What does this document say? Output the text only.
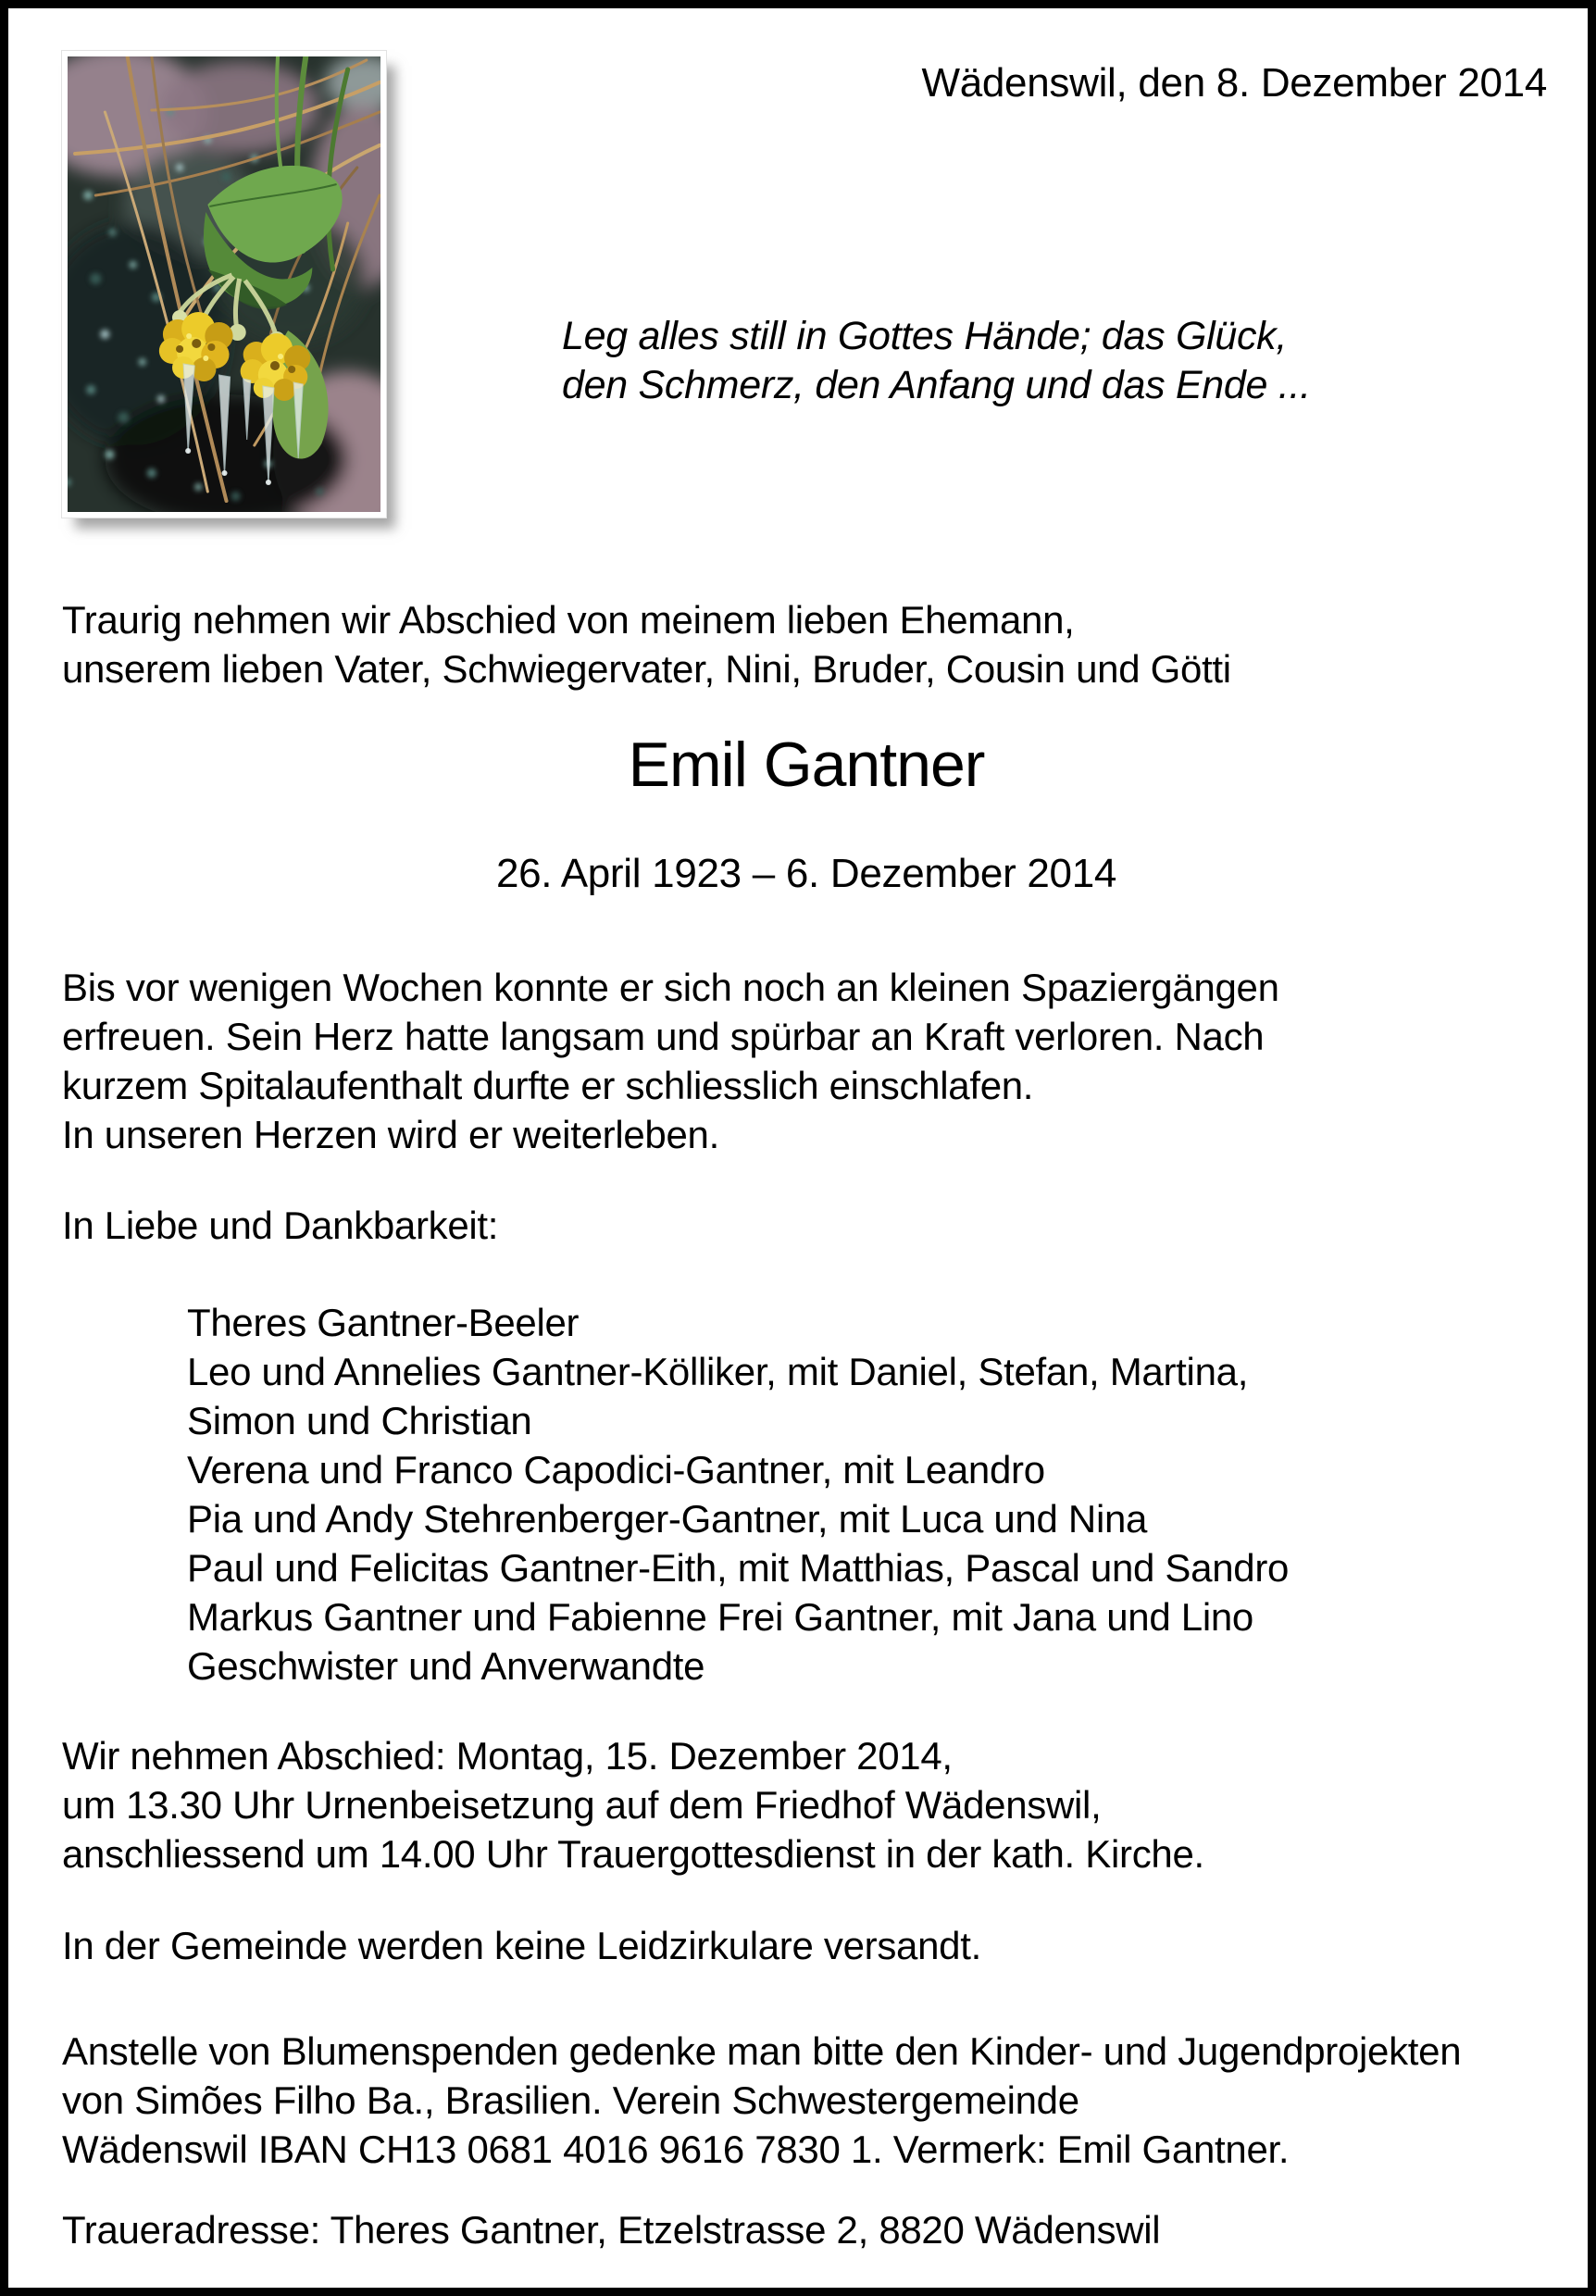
Wädenswil, den 8. Dezember 2014
Leg alles still in Gottes Hände; das Glück,
den Schmerz, den Anfang und das Ende ...
Traurig nehmen wir Abschied von meinem lieben Ehemann,
unserem lieben Vater, Schwiegervater, Nini, Bruder, Cousin und Götti
Emil Gantner
26. April 1923 – 6. Dezember 2014
Bis vor wenigen Wochen konnte er sich noch an kleinen Spaziergängen
erfreuen. Sein Herz hatte langsam und spürbar an Kraft verloren. Nach
kurzem Spitalaufenthalt durfte er schliesslich einschlafen.
In unseren Herzen wird er weiterleben.
In Liebe und Dankbarkeit:
Theres Gantner-Beeler
Leo und Annelies Gantner-Kölliker, mit Daniel, Stefan, Martina,
Simon und Christian
Verena und Franco Capodici-Gantner, mit Leandro
Pia und Andy Stehrenberger-Gantner, mit Luca und Nina
Paul und Felicitas Gantner-Eith, mit Matthias, Pascal und Sandro
Markus Gantner und Fabienne Frei Gantner, mit Jana und Lino
Geschwister und Anverwandte
Wir nehmen Abschied: Montag, 15. Dezember 2014,
um 13.30 Uhr Urnenbeisetzung auf dem Friedhof Wädenswil,
anschliessend um 14.00 Uhr Trauergottesdienst in der kath. Kirche.
In der Gemeinde werden keine Leidzirkulare versandt.
Anstelle von Blumenspenden gedenke man bitte den Kinder- und Jugendprojekten
von Simões Filho Ba., Brasilien. Verein Schwestergemeinde
Wädenswil IBAN CH13 0681 4016 9616 7830 1. Vermerk: Emil Gantner.
Traueradresse: Theres Gantner, Etzelstrasse 2, 8820 Wädenswil
